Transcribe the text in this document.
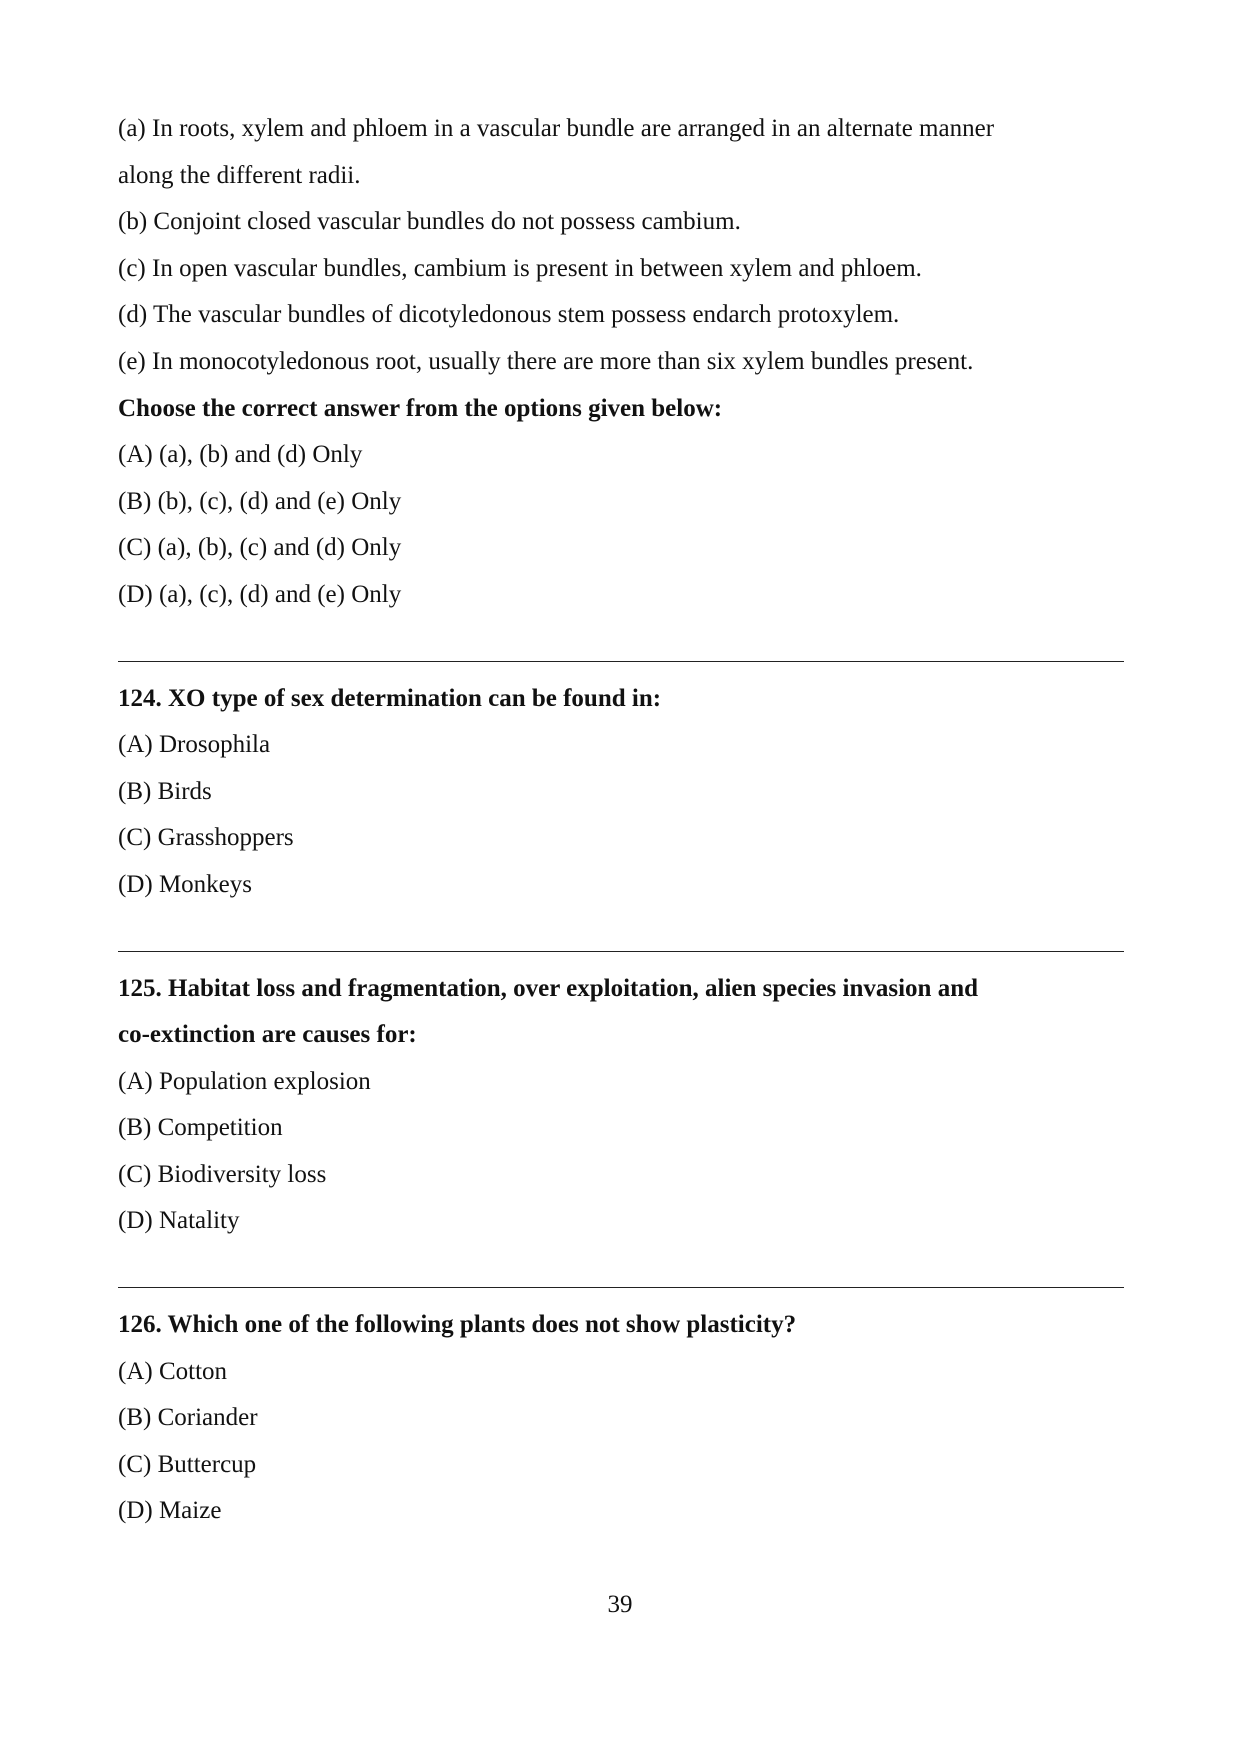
(a) In roots, xylem and phloem in a vascular bundle are arranged in an alternate manner

along the different radii.

(b) Conjoint closed vascular bundles do not possess cambium.

(c) In open vascular bundles, cambium is present in between xylem and phloem.

(d) The vascular bundles of dicotyledonous stem possess endarch protoxylem.

(e) In monocotyledonous root, usually there are more than six xylem bundles present.

Choose the correct answer from the options given below:

(A) (a), (b) and (d) Only

(B) (b), (c), (d) and (e) Only

(C) (a), (b), (c) and (d) Only

(D) (a), (c), (d) and (e) Only

124. XO type of sex determination can be found in:

(A) Drosophila

(B) Birds

(C) Grasshoppers

(D) Monkeys

125. Habitat loss and fragmentation, over exploitation, alien species invasion and

co-extinction are causes for:

(A) Population explosion

(B) Competition

(C) Biodiversity loss

(D) Natality

126. Which one of the following plants does not show plasticity?

(A) Cotton

(B) Coriander

(C) Buttercup

(D) Maize

39
